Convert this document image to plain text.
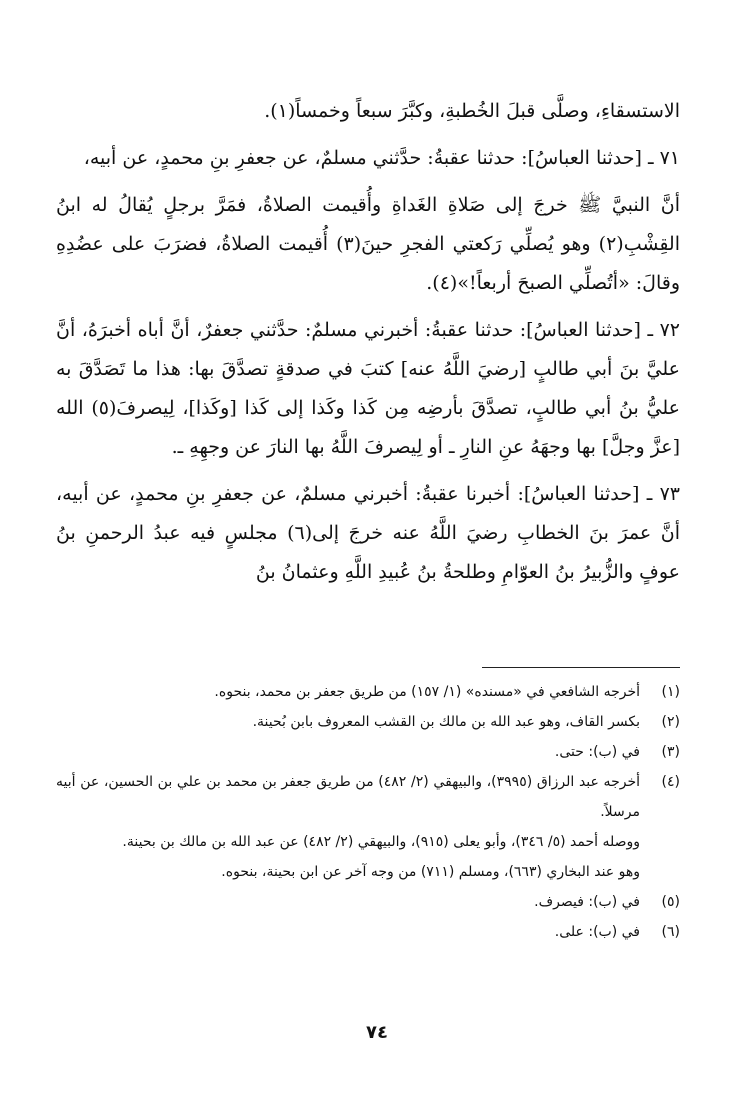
الاستسقاءِ، وصلَّى قبلَ الخُطبةِ، وكبَّرَ سبعاً وخمساً(١).

٧١ ـ [حدثنا العباسُ]: حدثنا عقبةُ: حدَّثني مسلمٌ، عن جعفرِ بنِ محمدٍ، عن أبيه،

أنَّ النبيَّ ﷺ خرجَ إلى صَلاةِ الغَداةِ وأُقيمت الصلاةُ، فمَرَّ برجلٍ يُقالُ له ابنُ القِشْبِ(٢) وهو يُصلِّي رَكعتي الفجرِ حينَ(٣) أُقيمت الصلاةُ، فضرَبَ على عضُدِهِ وقالَ: «أتُصلِّي الصبحَ أربعاً!»(٤).

٧٢ ـ [حدثنا العباسُ]: حدثنا عقبةُ: أخبرني مسلمٌ: حدَّثني جعفرٌ، أنَّ أباه أخبرَهُ، أنَّ عليَّ بنَ أبي طالبٍ [رضيَ اللَّهُ عنه] كتبَ في صدقةٍ تصدَّقَ بها: هذا ما تَصَدَّقَ به عليُّ بنُ أبي طالبٍ، تصدَّقَ بأرضِه مِن كَذا وكَذا إلى كَذا [وكَذا]، لِيصرفَ(٥) الله [عزَّ وجلَّ] بها وجهَهُ عنِ النارِ ـ أو لِيصرفَ اللَّهُ بها النارَ عن وجهِهِ ـ.

٧٣ ـ [حدثنا العباسُ]: أخبرنا عقبةُ: أخبرني مسلمٌ، عن جعفرِ بنِ محمدٍ، عن أبيه، أنَّ عمرَ بنَ الخطابِ رضيَ اللَّهُ عنه خرجَ إلى(٦) مجلسٍ فيه عبدُ الرحمنِ بنُ عوفٍ والزُّبيرُ بنُ العوّامِ وطلحةُ بنُ عُبيدِ اللَّهِ وعثمانُ بنُ

(١)
أخرجه الشافعي في «مسنده» (١/ ١٥٧) من طريق جعفر بن محمد، بنحوه.
(٢)
بكسر القاف، وهو عبد الله بن مالك بن القشب المعروف بابن بُحينة.
(٣)
في (ب): حتى.
(٤)
أخرجه عبد الرزاق (٣٩٩٥)، والبيهقي (٢/ ٤٨٢) من طريق جعفر بن محمد بن علي بن الحسين، عن أبيه مرسلاً.
ووصله أحمد (٥/ ٣٤٦)، وأبو يعلى (٩١٥)، والبيهقي (٢/ ٤٨٢) عن عبد الله بن مالك بن بحينة.
وهو عند البخاري (٦٦٣)، ومسلم (٧١١) من وجه آخر عن ابن بحينة، بنحوه.
(٥)
في (ب): فيصرف.
(٦)
في (ب): على.
٧٤
